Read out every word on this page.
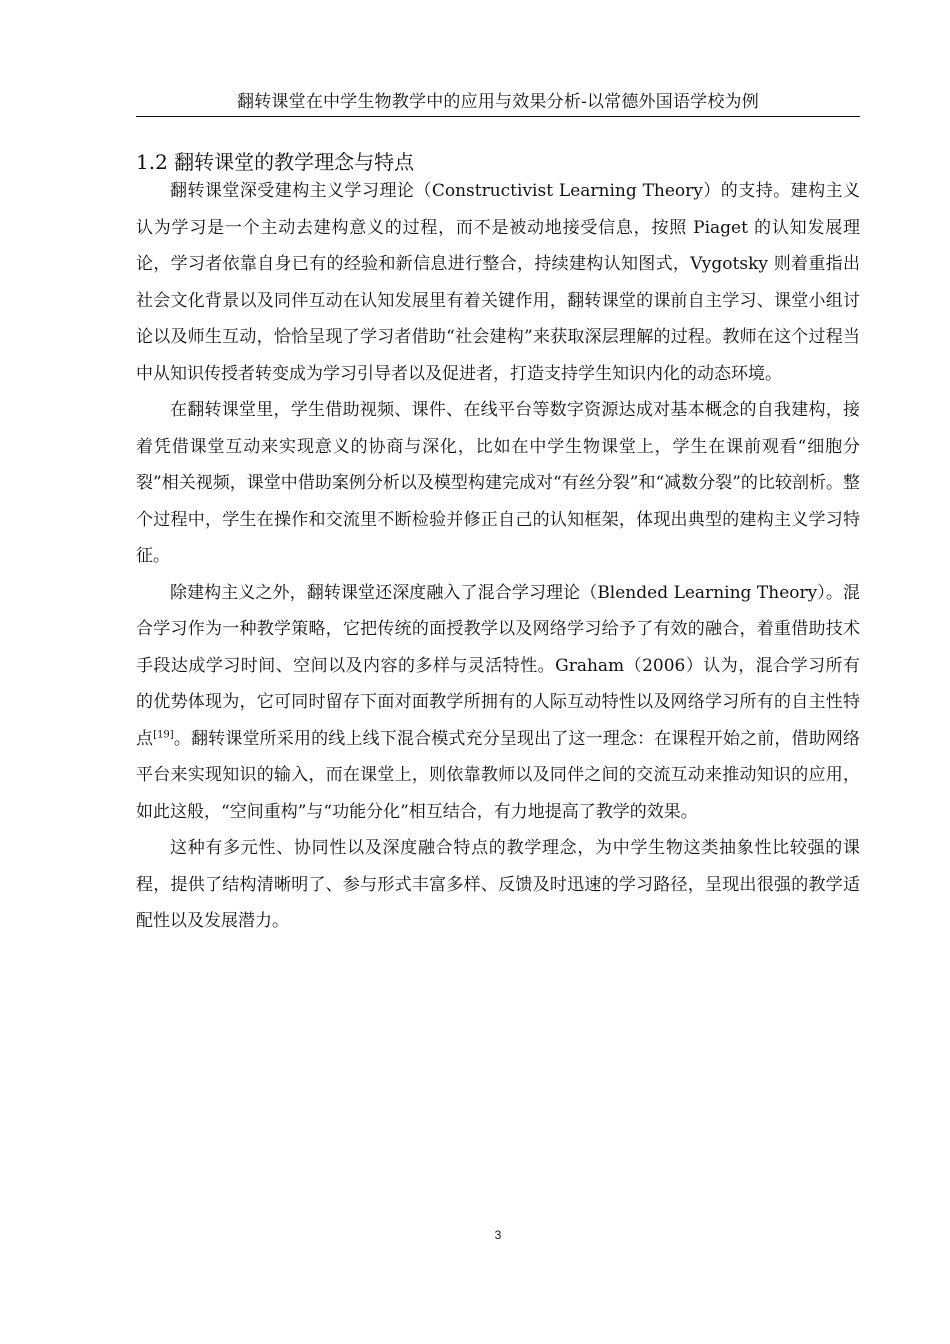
翻转课堂在中学生物教学中的应用与效果分析-以常德外国语学校为例
1.2 翻转课堂的教学理念与特点

翻转课堂深受建构主义学习理论（Constructivist Learning Theory）的支持。建构主义认为学习是一个主动去建构意义的过程，而不是被动地接受信息，按照 Piaget 的认知发展理论，学习者依靠自身已有的经验和新信息进行整合，持续建构认知图式，Vygotsky 则着重指出社会文化背景以及同伴互动在认知发展里有着关键作用，翻转课堂的课前自主学习、课堂小组讨论以及师生互动，恰恰呈现了学习者借助“社会建构”来获取深层理解的过程。教师在这个过程当中从知识传授者转变成为学习引导者以及促进者，打造支持学生知识内化的动态环境。

在翻转课堂里，学生借助视频、课件、在线平台等数字资源达成对基本概念的自我建构，接着凭借课堂互动来实现意义的协商与深化，比如在中学生物课堂上，学生在课前观看“细胞分裂”相关视频，课堂中借助案例分析以及模型构建完成对“有丝分裂”和“减数分裂”的比较剖析。整个过程中，学生在操作和交流里不断检验并修正自己的认知框架，体现出典型的建构主义学习特征。

除建构主义之外，翻转课堂还深度融入了混合学习理论（Blended Learning Theory）。混合学习作为一种教学策略，它把传统的面授教学以及网络学习给予了有效的融合，着重借助技术手段达成学习时间、空间以及内容的多样与灵活特性。Graham（2006）认为，混合学习所有的优势体现为，它可同时留存下面对面教学所拥有的人际互动特性以及网络学习所有的自主性特点[19]。翻转课堂所采用的线上线下混合模式充分呈现出了这一理念：在课程开始之前，借助网络平台来实现知识的输入，而在课堂上，则依靠教师以及同伴之间的交流互动来推动知识的应用，如此这般，“空间重构”与“功能分化”相互结合，有力地提高了教学的效果。

这种有多元性、协同性以及深度融合特点的教学理念，为中学生物这类抽象性比较强的课程，提供了结构清晰明了、参与形式丰富多样、反馈及时迅速的学习路径，呈现出很强的教学适配性以及发展潜力。

3
